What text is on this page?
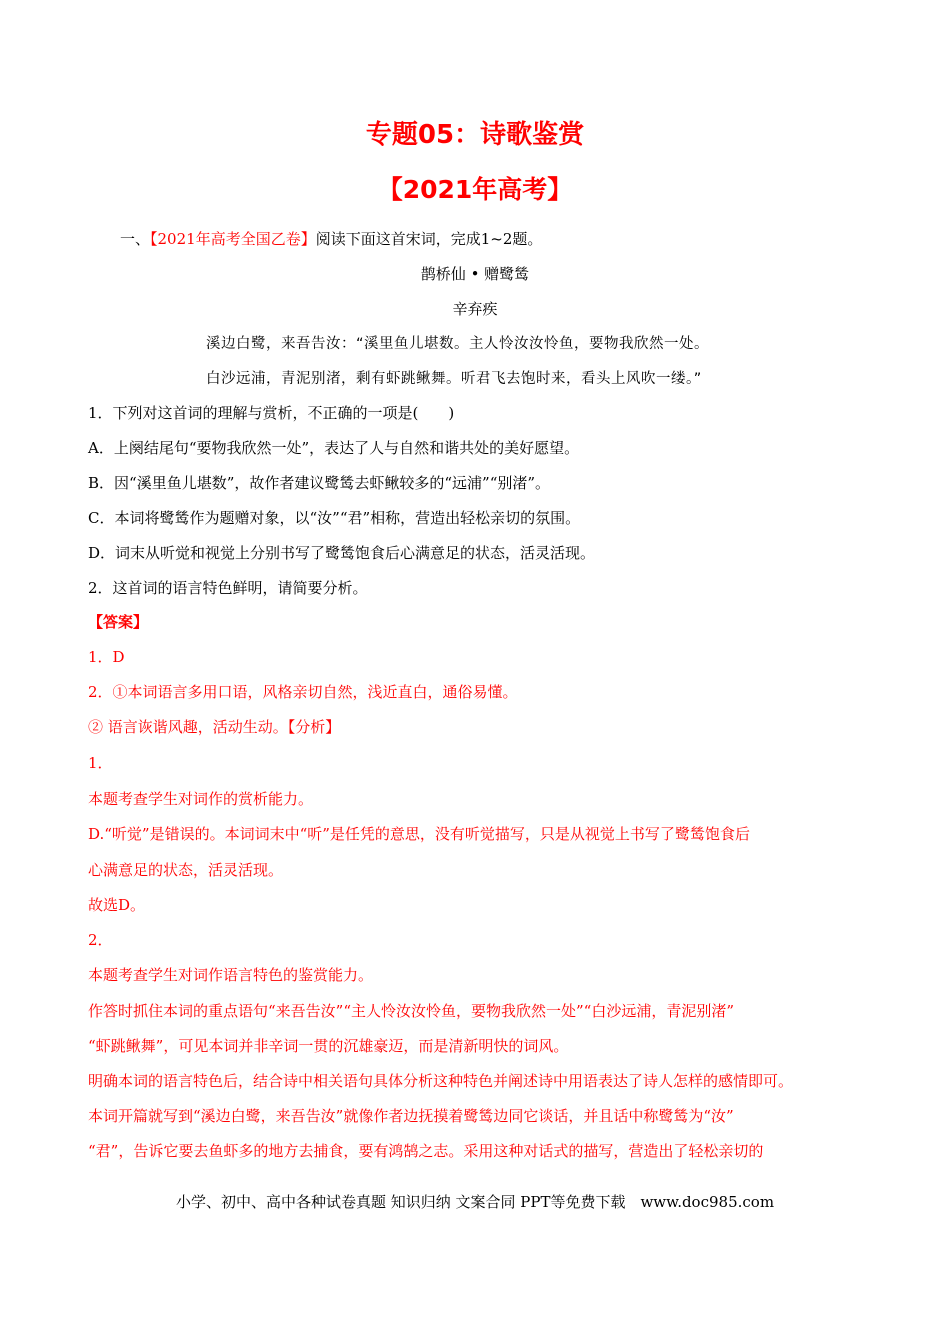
专题05：诗歌鉴赏
【2021年高考】
一、【2021年高考全国乙卷】阅读下面这首宋词，完成1~2题。
鹊桥仙 • 赠鹭鸶
辛弃疾
溪边白鹭，来吾告汝：“溪里鱼儿堪数。主人怜汝汝怜鱼，要物我欣然一处。
白沙远浦，青泥别渚，剩有虾跳鳅舞。听君飞去饱时来，看头上风吹一缕。”
1．下列对这首词的理解与赏析，不正确的一项是(　　)
A．上阕结尾句“要物我欣然一处”，表达了人与自然和谐共处的美好愿望。
B．因“溪里鱼儿堪数”，故作者建议鹭鸶去虾鳅较多的“远浦”“别渚”。
C．本词将鹭鸶作为题赠对象，以“汝”“君”相称，营造出轻松亲切的氛围。
D．词末从听觉和视觉上分别书写了鹭鸶饱食后心满意足的状态，活灵活现。
2．这首词的语言特色鲜明，请简要分析。
【答案】
1．D
2．①本词语言多用口语，风格亲切自然，浅近直白，通俗易懂。
② 语言诙谐风趣，活动生动。【分析】
1．
本题考查学生对词作的赏析能力。
D.“听觉”是错误的。本词词末中“听”是任凭的意思，没有听觉描写，只是从视觉上书写了鹭鸶饱食后
心满意足的状态，活灵活现。
故选D。
2．
本题考查学生对词作语言特色的鉴赏能力。
作答时抓住本词的重点语句“来吾告汝”“主人怜汝汝怜鱼，要物我欣然一处”“白沙远浦，青泥别渚”
“虾跳鳅舞”，可见本词并非辛词一贯的沉雄豪迈，而是清新明快的词风。
明确本词的语言特色后，结合诗中相关语句具体分析这种特色并阐述诗中用语表达了诗人怎样的感情即可。
本词开篇就写到“溪边白鹭，来吾告汝”就像作者边抚摸着鹭鸶边同它谈话，并且话中称鹭鸶为“汝”
“君”，告诉它要去鱼虾多的地方去捕食，要有鸿鹄之志。采用这种对话式的描写，营造出了轻松亲切的
小学、初中、高中各种试卷真题 知识归纳 文案合同 PPT等免费下载　www.doc985.com
